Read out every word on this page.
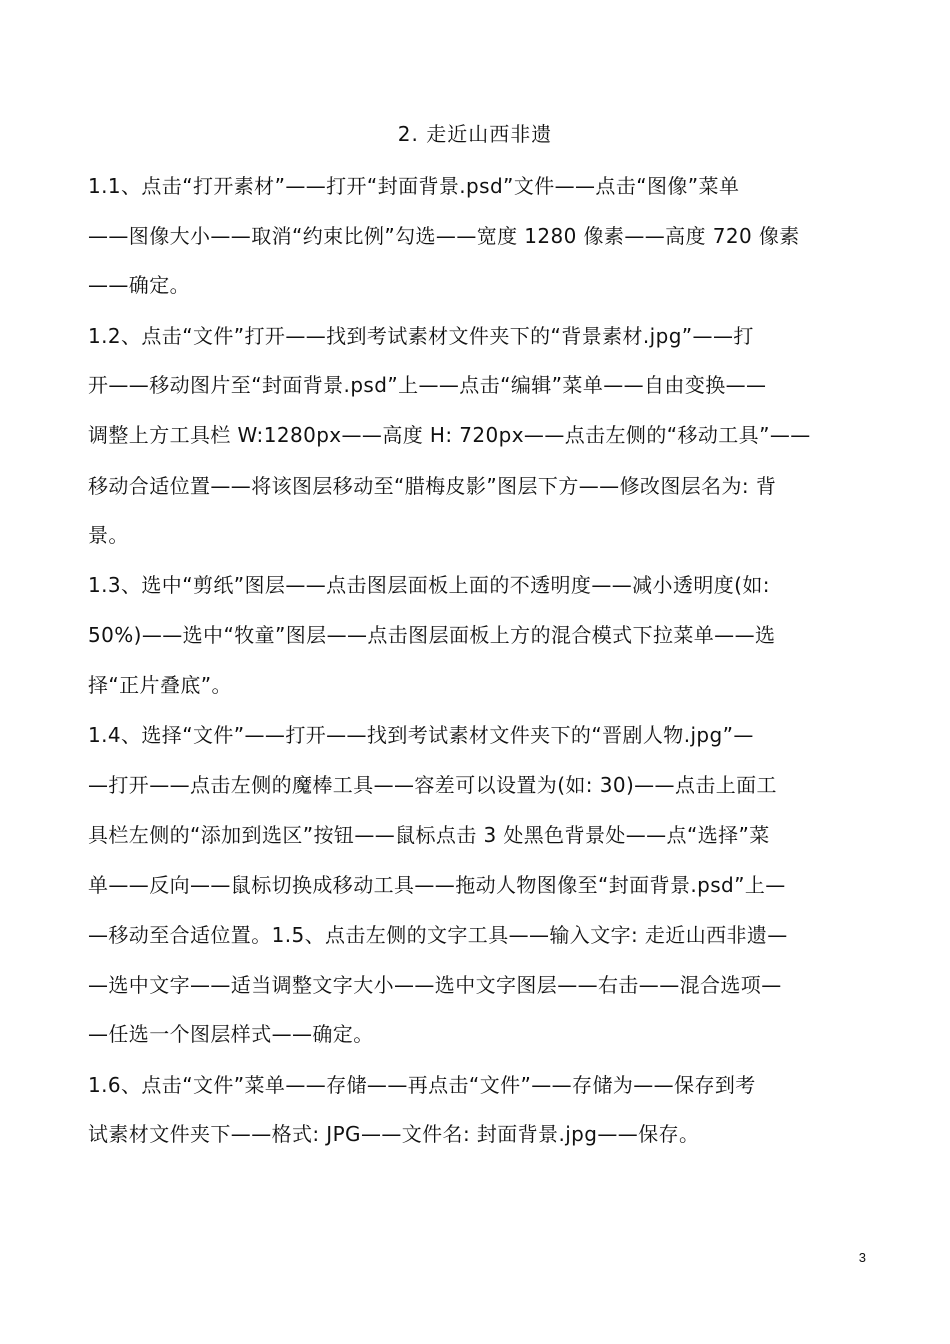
2. 走近山西非遗
1.1、点击“打开素材”——打开“封面背景.psd”文件——点击“图像”菜单
——图像大小——取消“约束比例”勾选——宽度 1280 像素——高度 720 像素
——确定。
1.2、点击“文件”打开——找到考试素材文件夹下的“背景素材.jpg”——打
开——移动图片至“封面背景.psd”上——点击“编辑”菜单——自由变换——
调整上方工具栏 W:1280px——高度 H: 720px——点击左侧的“移动工具”——
移动合适位置——将该图层移动至“腊梅皮影”图层下方——修改图层名为: 背
景。
1.3、选中“剪纸”图层——点击图层面板上面的不透明度——减小透明度(如:
50%)——选中“牧童”图层——点击图层面板上方的混合模式下拉菜单——选
择“正片叠底”。
1.4、选择“文件”——打开——找到考试素材文件夹下的“晋剧人物.jpg”—
—打开——点击左侧的魔棒工具——容差可以设置为(如: 30)——点击上面工
具栏左侧的“添加到选区”按钮——鼠标点击 3 处黑色背景处——点“选择”菜
单——反向——鼠标切换成移动工具——拖动人物图像至“封面背景.psd”上—
—移动至合适位置。1.5、点击左侧的文字工具——输入文字: 走近山西非遗—
—选中文字——适当调整文字大小——选中文字图层——右击——混合选项—
—任选一个图层样式——确定。
1.6、点击“文件”菜单——存储——再点击“文件”——存储为——保存到考
试素材文件夹下——格式: JPG——文件名: 封面背景.jpg——保存。
3
